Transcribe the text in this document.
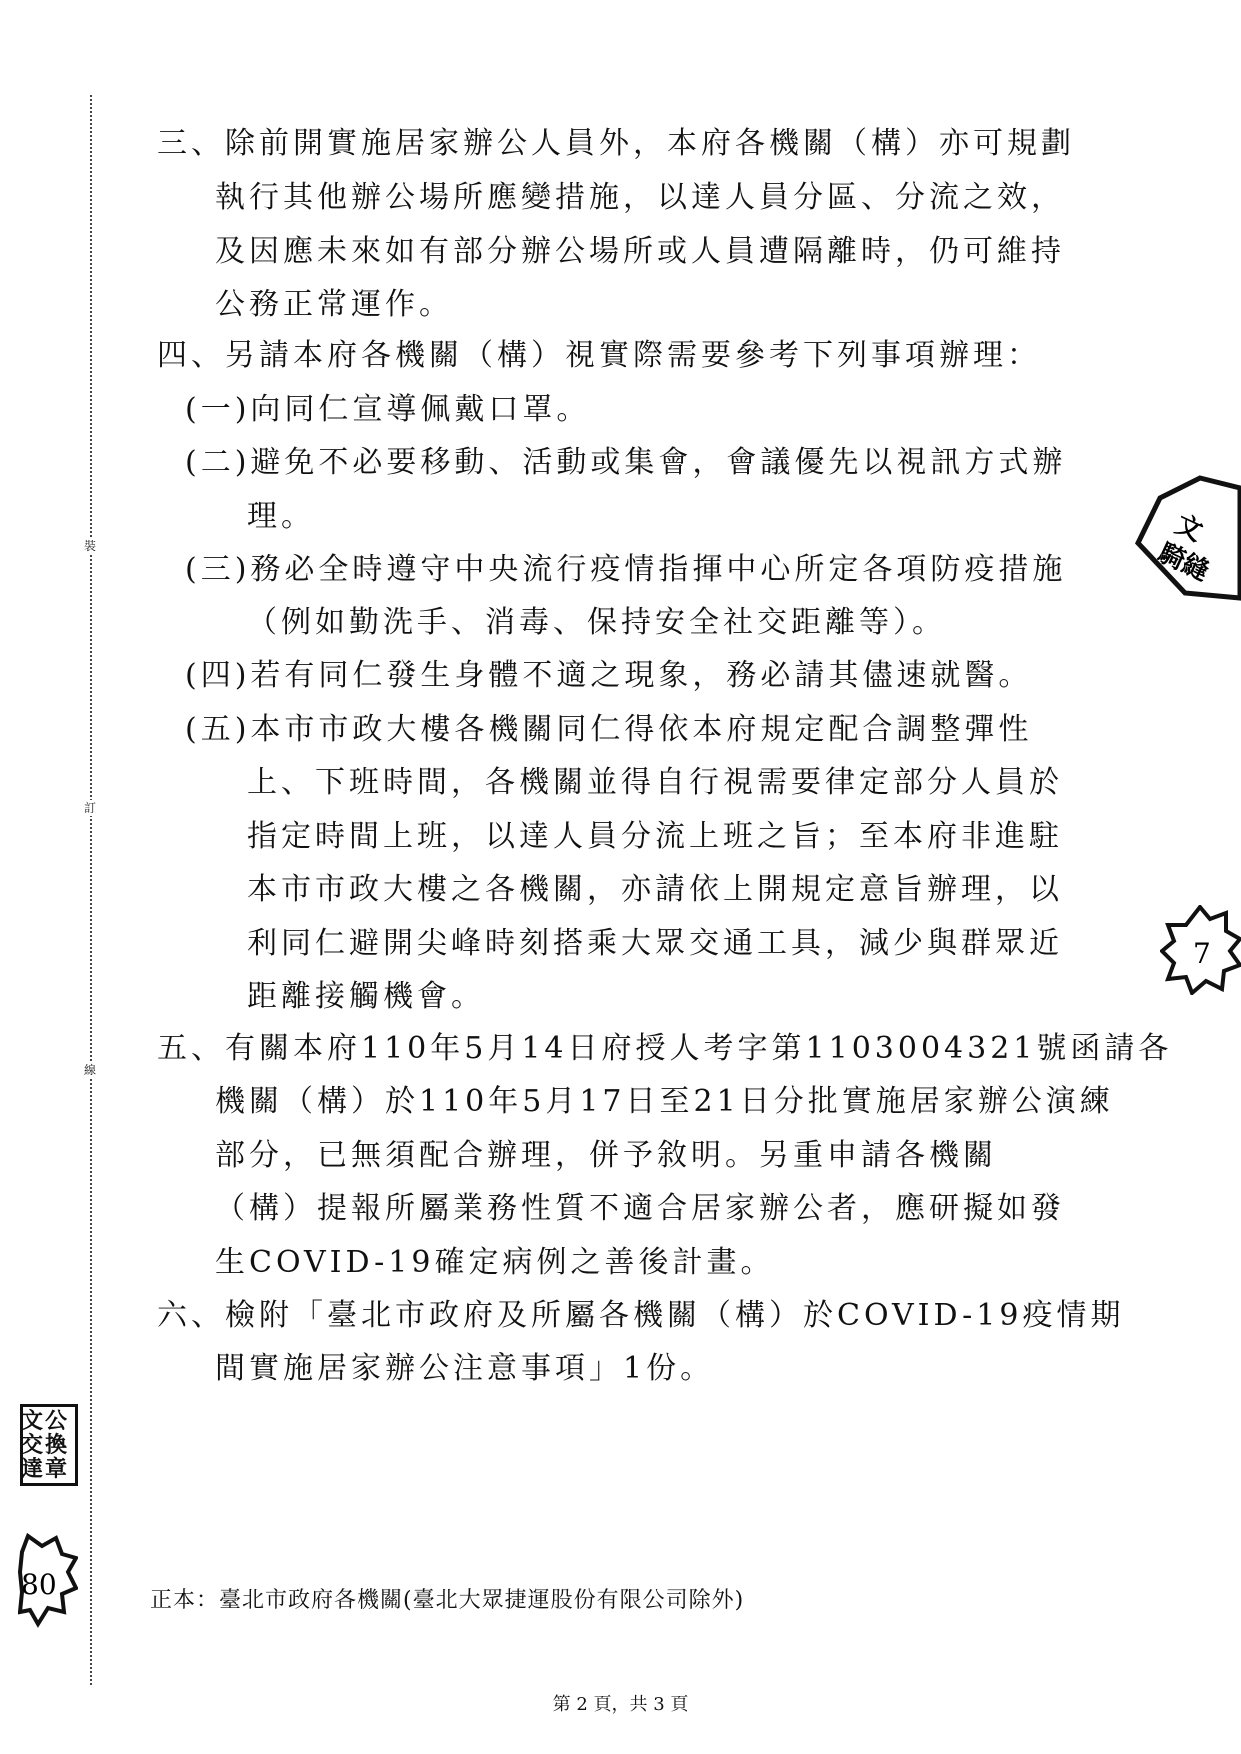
裝
訂
線
三、除前開實施居家辦公人員外，本府各機關（構）亦可規劃
執行其他辦公場所應變措施，以達人員分區、分流之效，
及因應未來如有部分辦公場所或人員遭隔離時，仍可維持
公務正常運作。
四、另請本府各機關（構）視實際需要參考下列事項辦理：
(一)向同仁宣導佩戴口罩。
(二)避免不必要移動、活動或集會，會議優先以視訊方式辦
理。
(三)務必全時遵守中央流行疫情指揮中心所定各項防疫措施
（例如勤洗手、消毒、保持安全社交距離等）。
(四)若有同仁發生身體不適之現象，務必請其儘速就醫。
(五)本市市政大樓各機關同仁得依本府規定配合調整彈性
上、下班時間，各機關並得自行視需要律定部分人員於
指定時間上班，以達人員分流上班之旨；至本府非進駐
本市市政大樓之各機關，亦請依上開規定意旨辦理，以
利同仁避開尖峰時刻搭乘大眾交通工具，減少與群眾近
距離接觸機會。
五、有關本府110年5月14日府授人考字第1103004321號函請各
機關（構）於110年5月17日至21日分批實施居家辦公演練
部分，已無須配合辦理，併予敘明。另重申請各機關
（構）提報所屬業務性質不適合居家辦公者，應研擬如發
生COVID-19確定病例之善後計畫。
六、檢附「臺北市政府及所屬各機關（構）於COVID-19疫情期
間實施居家辦公注意事項」1份。
正本：臺北市政府各機關(臺北大眾捷運股份有限公司除外)
第 2 頁，共 3 頁
文
騎縫
7
公
換
章
文
交
達
80
